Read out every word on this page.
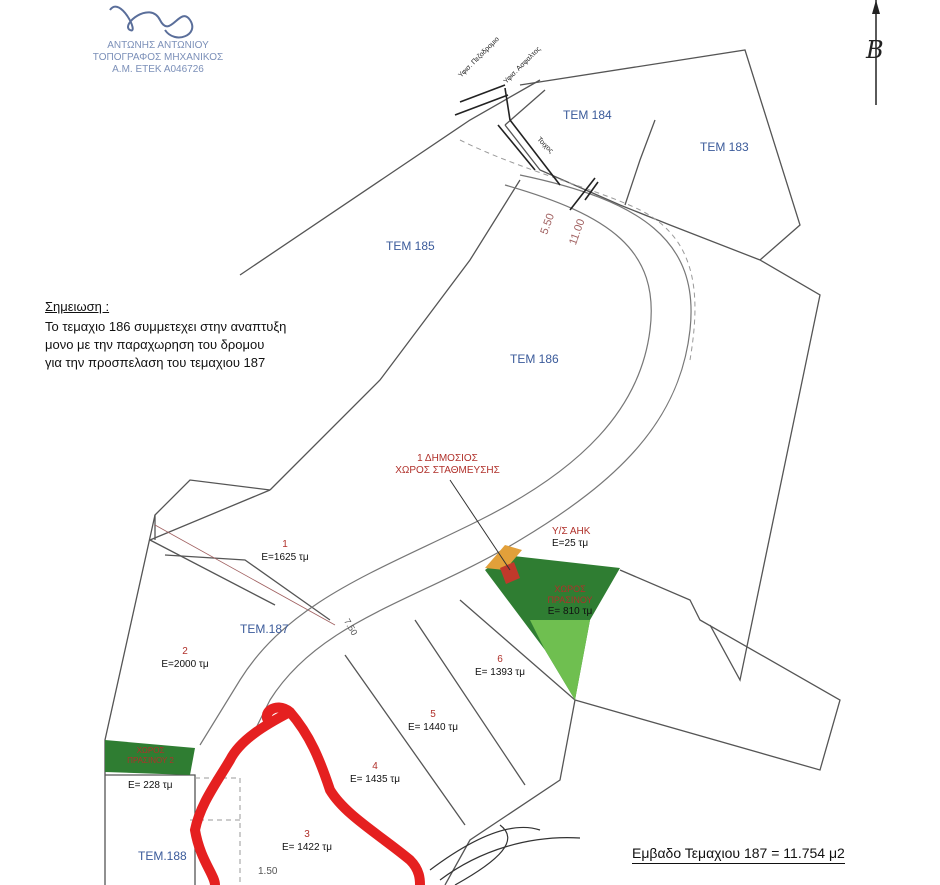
ΑΝΤΩΝΗΣ ΑΝΤΩΝΙΟΥ
ΤΟΠΟΓΡΑΦΟΣ ΜΗΧΑΝΙΚΟΣ
Α.Μ. ΕΤΕΚ Α046726
B
Σημειωση :
Το τεμαχιο 186 συμμετεχει στην αναπτυξη
μονο με την παραχωρηση του δρομου
για την προσπελαση του τεμαχιου 187
ΤΕΜ 184
ΤΕΜ 183
ΤΕΜ 185
ΤΕΜ 186
ΤΕΜ.187
ΤΕΜ.188
Υφισ. Πεζοδρομιο Υφισ. Ασφαλτος
Τοιχος
5.50 11.00
7.50
1.50
1
Ε=1625 τμ
2
Ε=2000 τμ
3
Ε= 1422 τμ
4
Ε= 1435 τμ
5
Ε= 1440 τμ
6
Ε= 1393 τμ
1 ΔΗΜΟΣΙΟΣ
ΧΩΡΟΣ ΣΤΑΘΜΕΥΣΗΣ
Υ/Σ ΑΗΚ
Ε=25 τμ
ΧΩΡΟΣ
ΠΡΑΣΙΝΟΥ
Ε= 810 τμ
ΧΩΡΟΣ
ΠΡΑΣΙΝΟΥ 2
Ε= 228 τμ
Εμβαδο Τεμαχιου 187 = 11.754 μ2
